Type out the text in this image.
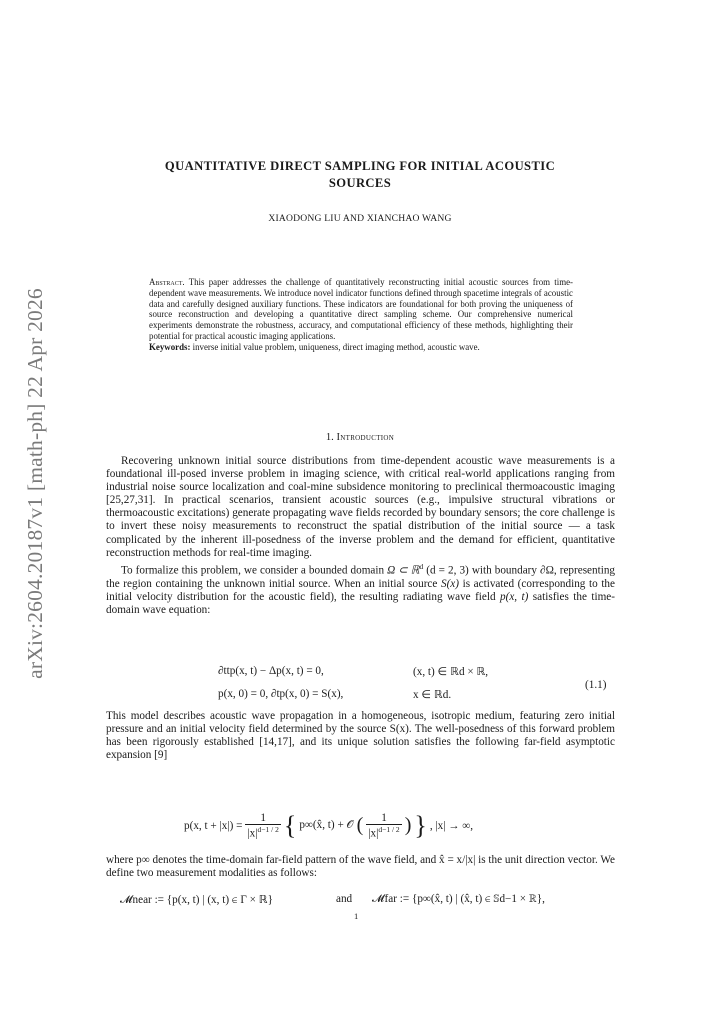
arXiv:2604.20187v1 [math-ph] 22 Apr 2026
QUANTITATIVE DIRECT SAMPLING FOR INITIAL ACOUSTIC
SOURCES
XIAODONG LIU AND XIANCHAO WANG

Abstract. This paper addresses the challenge of quantitatively reconstructing initial acoustic sources from time-dependent wave measurements. We introduce novel indicator functions defined through spacetime integrals of acoustic data and carefully designed auxiliary functions. These indicators are foundational for both proving the uniqueness of source reconstruction and developing a quantitative direct sampling scheme. Our comprehensive numerical experiments demonstrate the robustness, accuracy, and computational efficiency of these methods, highlighting their potential for practical acoustic imaging applications.

Keywords: inverse initial value problem, uniqueness, direct imaging method, acoustic wave.

1. Introduction

Recovering unknown initial source distributions from time-dependent acoustic wave measurements is a foundational ill-posed inverse problem in imaging science, with critical real-world applications ranging from industrial noise source localization and coal-mine subsidence monitoring to preclinical thermoacoustic imaging [25,27,31]. In practical scenarios, transient acoustic sources (e.g., impulsive structural vibrations or thermoacoustic excitations) generate propagating wave fields recorded by boundary sensors; the core challenge is to invert these noisy measurements to reconstruct the spatial distribution of the initial source — a task complicated by the inherent ill-posedness of the inverse problem and the demand for efficient, quantitative reconstruction methods for real-time imaging.

To formalize this problem, we consider a bounded domain Ω ⊂ ℝ$^d$ (d = 2, 3) with boundary ∂Ω, representing the region containing the unknown initial source. When an initial source S(x) is activated (corresponding to the initial velocity distribution for the acoustic field), the resulting radiating wave field p(x, t) satisfies the time-domain wave equation:

∂ttp(x, t) − Δp(x, t) = 0,	(x, t) ∈ ℝd × ℝ,
p(x, 0) = 0, ∂tp(x, 0) = S(x),	x ∈ ℝd.
(1.1)

This model describes acoustic wave propagation in a homogeneous, isotropic medium, featuring zero initial pressure and an initial velocity field determined by the source S(x). The well-posedness of this forward problem has been rigorously established [14,17], and its unique solution satisfies the following far-field asymptotic expansion [9]

p(x, $t + |x|) = \frac{1}{|x|^{d-1 / 2}}$ { p∞(x̂, t) + 𝒪 ( $\frac{1}{|x|^{d-1 / 2}}$ ) } , |x| → ∞,

where p∞ denotes the time-domain far-field pattern of the wave field, and x̂ = x/|x| is the unit direction vector. We define two measurement modalities as follows:

𝓜near := {p(x, t) | (x, t) ∈ Γ × ℝ}	and 𝓜far := {p∞(x̂, t) | (x̂, t) ∈ 𝕊d−1 × ℝ},
1
